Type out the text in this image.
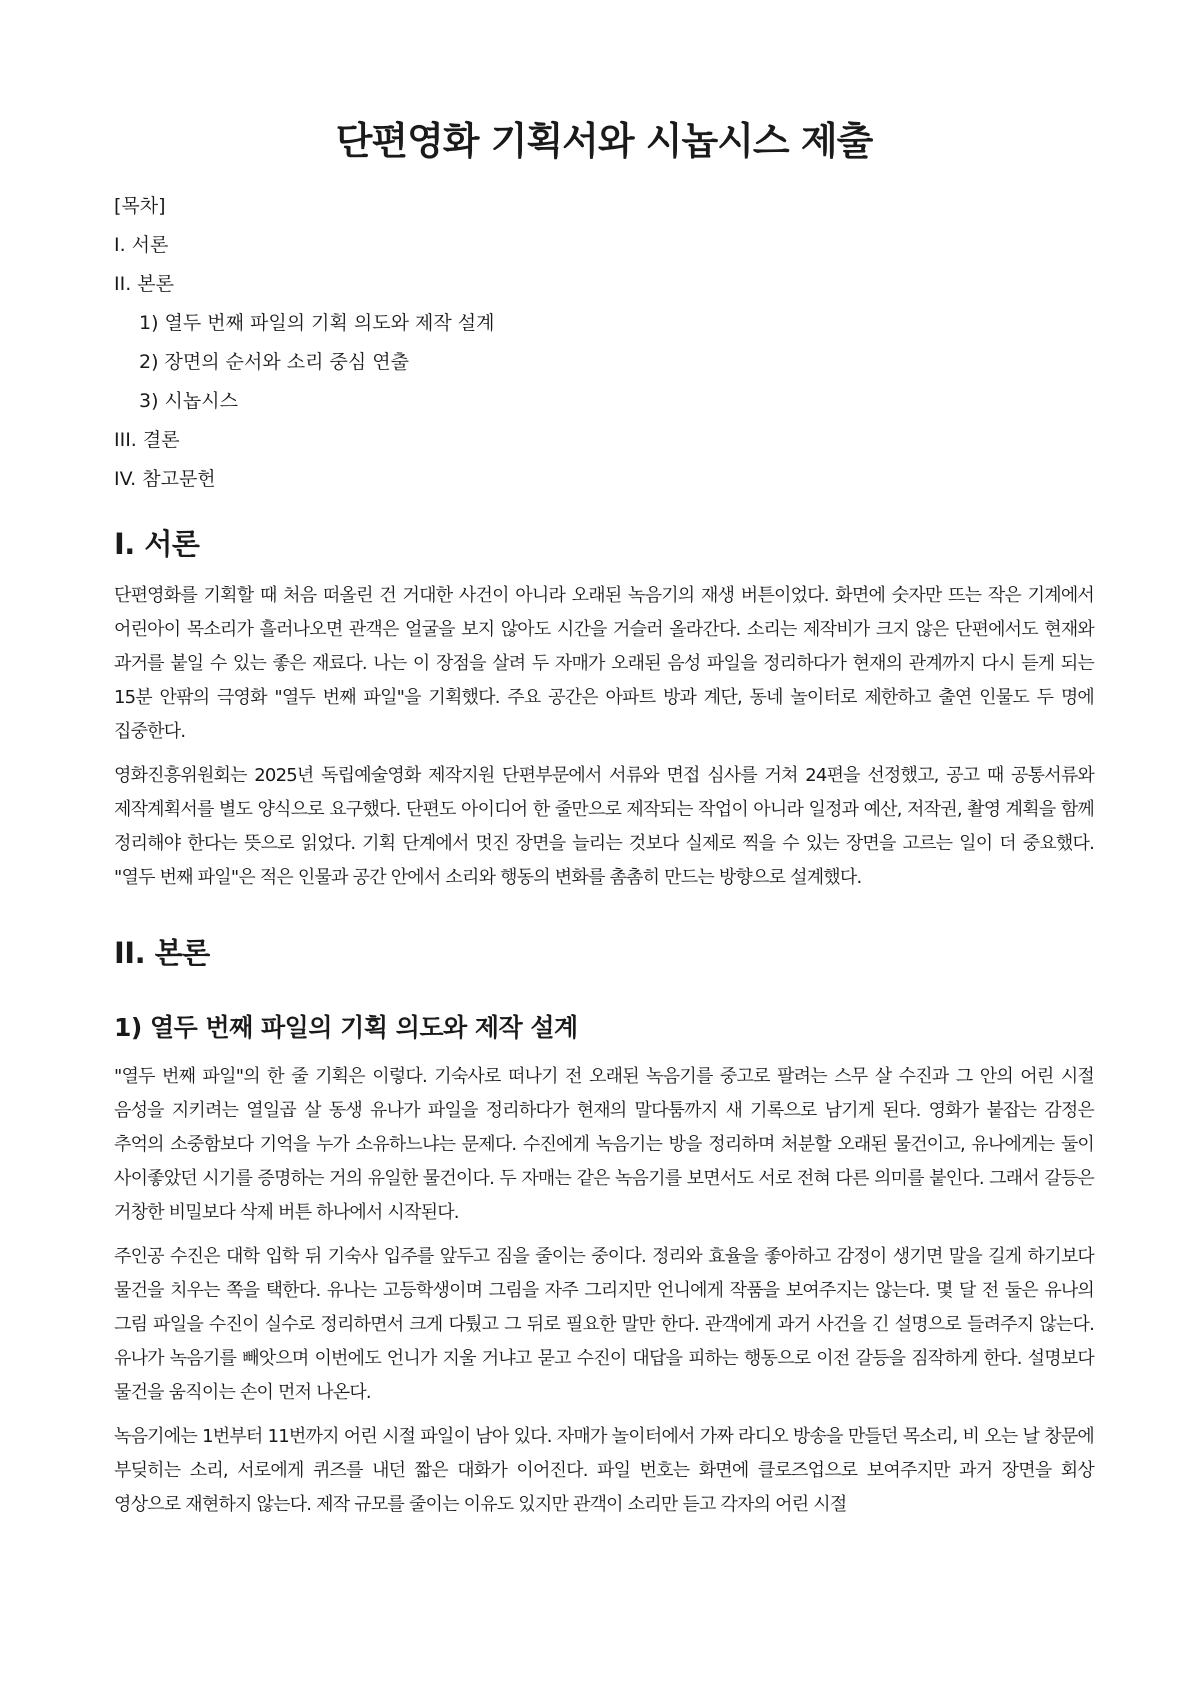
단편영화 기획서와 시놉시스 제출
[목차]
I. 서론
II. 본론
1) 열두 번째 파일의 기획 의도와 제작 설계
2) 장면의 순서와 소리 중심 연출
3) 시놉시스
III. 결론
IV. 참고문헌
I. 서론

단편영화를 기획할 때 처음 떠올린 건 거대한 사건이 아니라 오래된 녹음기의 재생 버튼이었다. 화면에 숫자만 뜨는 작은 기계에서 어린아이 목소리가 흘러나오면 관객은 얼굴을 보지 않아도 시간을 거슬러 올라간다. 소리는 제작비가 크지 않은 단편에서도 현재와 과거를 붙일 수 있는 좋은 재료다. 나는 이 장점을 살려 두 자매가 오래된 음성 파일을 정리하다가 현재의 관계까지 다시 듣게 되는 15분 안팎의 극영화 "열두 번째 파일"을 기획했다. 주요 공간은 아파트 방과 계단, 동네 놀이터로 제한하고 출연 인물도 두 명에 집중한다.

영화진흥위원회는 2025년 독립예술영화 제작지원 단편부문에서 서류와 면접 심사를 거쳐 24편을 선정했고, 공고 때 공통서류와 제작계획서를 별도 양식으로 요구했다. 단편도 아이디어 한 줄만으로 제작되는 작업이 아니라 일정과 예산, 저작권, 촬영 계획을 함께 정리해야 한다는 뜻으로 읽었다. 기획 단계에서 멋진 장면을 늘리는 것보다 실제로 찍을 수 있는 장면을 고르는 일이 더 중요했다. "열두 번째 파일"은 적은 인물과 공간 안에서 소리와 행동의 변화를 촘촘히 만드는 방향으로 설계했다.

II. 본론
1) 열두 번째 파일의 기획 의도와 제작 설계

"열두 번째 파일"의 한 줄 기획은 이렇다. 기숙사로 떠나기 전 오래된 녹음기를 중고로 팔려는 스무 살 수진과 그 안의 어린 시절 음성을 지키려는 열일곱 살 동생 유나가 파일을 정리하다가 현재의 말다툼까지 새 기록으로 남기게 된다. 영화가 붙잡는 감정은 추억의 소중함보다 기억을 누가 소유하느냐는 문제다. 수진에게 녹음기는 방을 정리하며 처분할 오래된 물건이고, 유나에게는 둘이 사이좋았던 시기를 증명하는 거의 유일한 물건이다. 두 자매는 같은 녹음기를 보면서도 서로 전혀 다른 의미를 붙인다. 그래서 갈등은 거창한 비밀보다 삭제 버튼 하나에서 시작된다.

주인공 수진은 대학 입학 뒤 기숙사 입주를 앞두고 짐을 줄이는 중이다. 정리와 효율을 좋아하고 감정이 생기면 말을 길게 하기보다 물건을 치우는 쪽을 택한다. 유나는 고등학생이며 그림을 자주 그리지만 언니에게 작품을 보여주지는 않는다. 몇 달 전 둘은 유나의 그림 파일을 수진이 실수로 정리하면서 크게 다퉜고 그 뒤로 필요한 말만 한다. 관객에게 과거 사건을 긴 설명으로 들려주지 않는다. 유나가 녹음기를 빼앗으며 이번에도 언니가 지울 거냐고 묻고 수진이 대답을 피하는 행동으로 이전 갈등을 짐작하게 한다. 설명보다 물건을 움직이는 손이 먼저 나온다.

녹음기에는 1번부터 11번까지 어린 시절 파일이 남아 있다. 자매가 놀이터에서 가짜 라디오 방송을 만들던 목소리, 비 오는 날 창문에 부딪히는 소리, 서로에게 퀴즈를 내던 짧은 대화가 이어진다. 파일 번호는 화면에 클로즈업으로 보여주지만 과거 장면을 회상 영상으로 재현하지 않는다. 제작 규모를 줄이는 이유도 있지만 관객이 소리만 듣고 각자의 어린 시절
